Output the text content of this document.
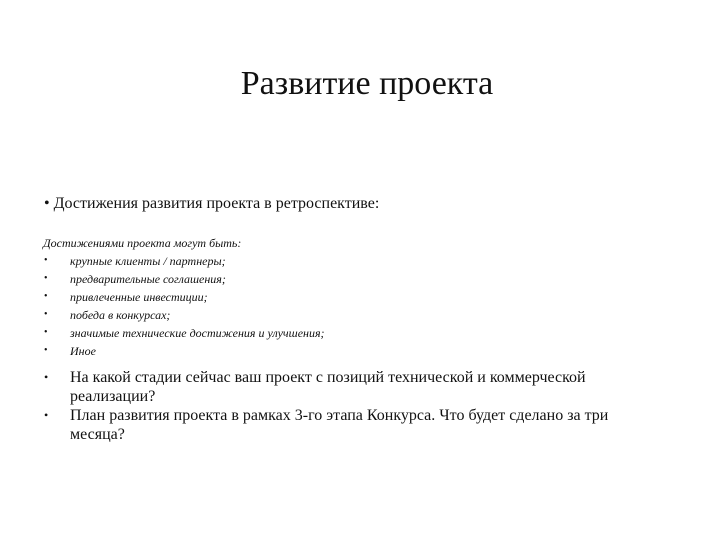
Развитие проекта
• Достижения развития проекта в ретроспективе:
Достижениями проекта могут быть:
• крупные клиенты / партнеры;
• предварительные соглашения;
• привлеченные инвестиции;
• победа в конкурсах;
• значимые технические достижения и улучшения;
• Иное
• На какой стадии сейчас ваш проект с позиций технической и коммерческой реализации?
• План развития проекта в рамках 3-го этапа Конкурса. Что будет сделано за три месяца?
